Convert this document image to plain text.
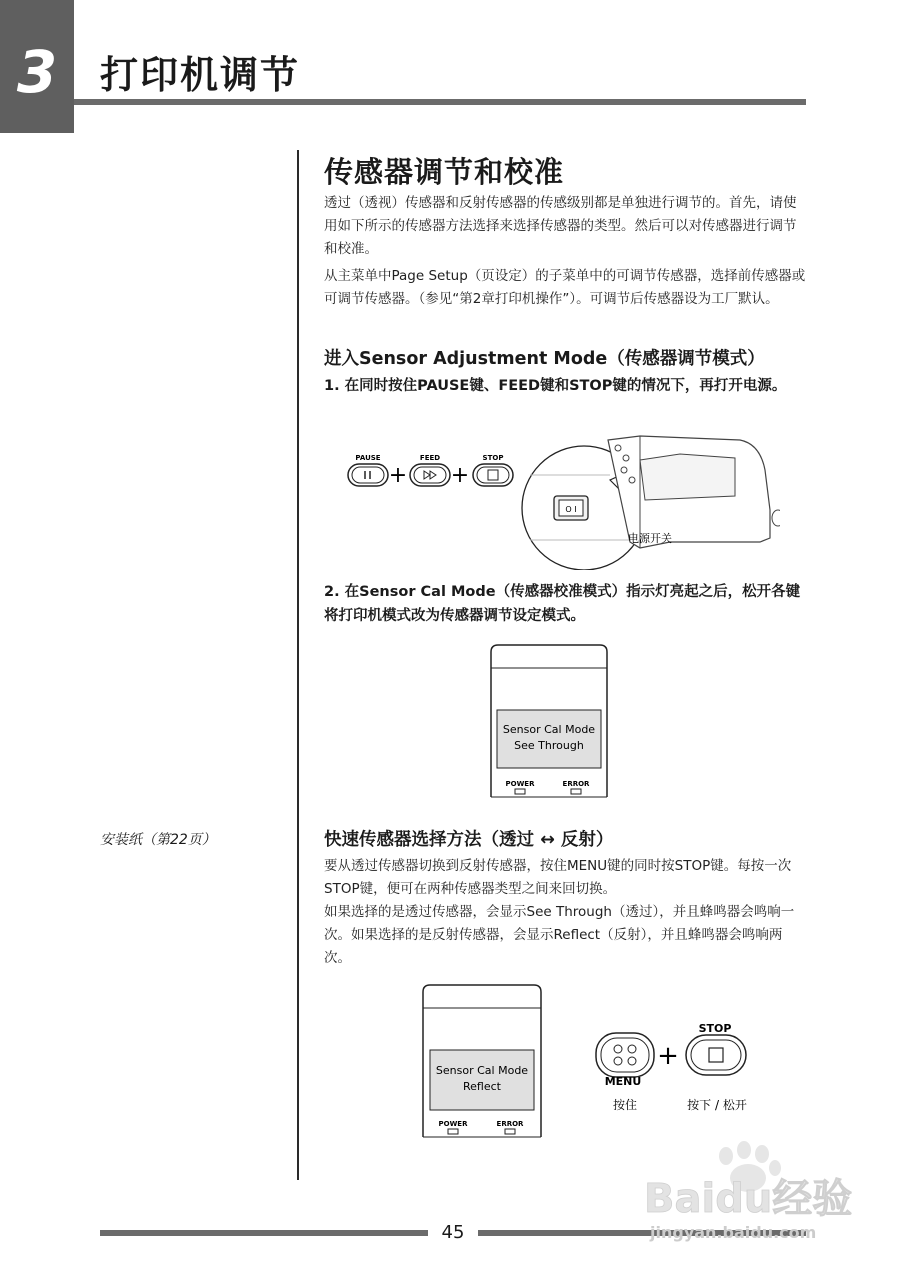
3	打印机调节
传感器调节和校准
透过（透视）传感器和反射传感器的传感级别都是单独进行调节的。首先，请使用如下所示的传感器方法选择来选择传感器的类型。然后可以对传感器进行调节和校准。
从主菜单中Page Setup（页设定）的子菜单中的可调节传感器，选择前传感器或可调节传感器。（参见“第2章打印机操作”）。可调节后传感器设为工厂默认。
进入Sensor Adjustment Mode（传感器调节模式）
1. 在同时按住PAUSE键、FEED键和STOP键的情况下，再打开电源。
PAUSE
+
FEED
+
STOP
O I
电源开关
2. 在Sensor Cal Mode（传感器校准模式）指示灯亮起之后，松开各键将打印机模式改为传感器调节设定模式。
Sensor Cal Mode
See Through
POWER	ERROR
安装纸（第22页）	快速传感器选择方法（透过 ↔ 反射）
要从透过传感器切换到反射传感器，按住MENU键的同时按STOP键。每按一次STOP键，便可在两种传感器类型之间来回切换。
如果选择的是透过传感器，会显示See Through（透过），并且蜂鸣器会鸣响一次。如果选择的是反射传感器，会显示Reflect（反射），并且蜂鸣器会鸣响两次。
Sensor Cal Mode
Reflect
POWER	ERROR
MENU
+
STOP
按住	按下 / 松开
45
Baidu经验
jingyan.baidu.com
